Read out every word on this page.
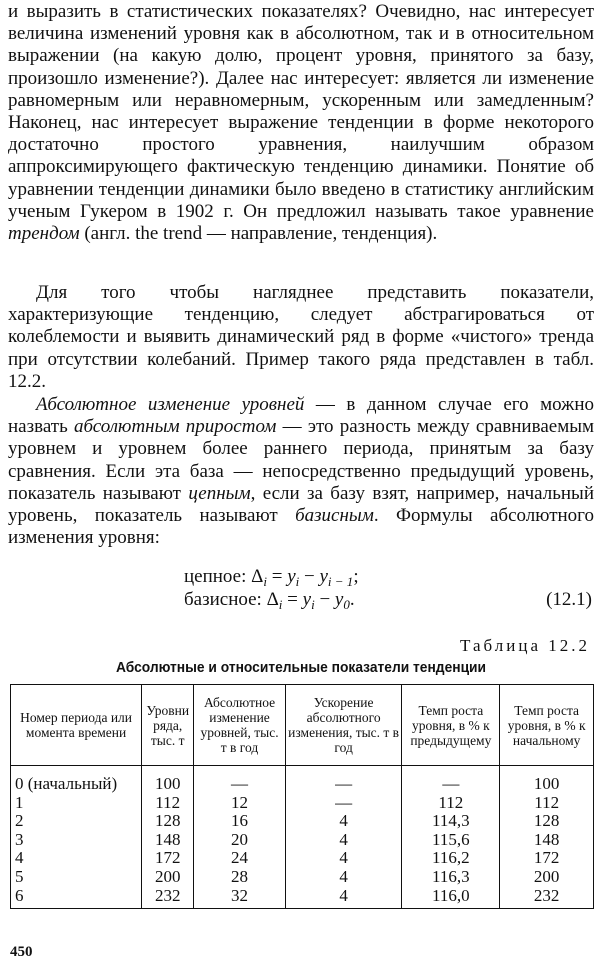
и выразить в статистических показателях? Очевидно, нас интересует величина изменений уровня как в абсолютном, так и в относительном выражении (на какую долю, процент уровня, принятого за базу, произошло изменение?). Далее нас интересует: является ли изменение равномерным или неравномерным, ускоренным или замедленным? Наконец, нас интересует выражение тенденции в форме некоторого достаточно простого уравнения, наилучшим образом аппроксимирующего фактическую тенденцию динамики. Понятие об уравнении тенденции динамики было введено в статистику английским ученым Гукером в 1902 г. Он предложил называть такое уравнение трендом (англ. the trend — направление, тенденция).

Для того чтобы нагляднее представить показатели, характеризующие тенденцию, следует абстрагироваться от колеблемости и выявить динамический ряд в форме «чистого» тренда при отсутствии колебаний. Пример такого ряда представлен в табл. 12.2.

Абсолютное изменение уровней — в данном случае его можно назвать абсолютным приростом — это разность между сравниваемым уровнем и уровнем более раннего периода, принятым за базу сравнения. Если эта база — непосредственно предыдущий уровень, показатель называют цепным, если за базу взят, например, начальный уровень, показатель называют базисным. Формулы абсолютного изменения уровня:

цепное: $\Delta_i = y_i - y_{i - 1}$;
базисное: $\Delta_i = y_i - y_0$.	(12.1)
Таблица 12.2
Абсолютные и относительные показатели тенденции
Номер периода или момента времени	Уровни ряда, тыс. т	Абсолютное изменение уровней, тыс. т в год	Ускорение абсолютного изменения, тыс. т в год	Темп роста уровня, в % к предыдущему	Темп роста уровня, в % к начальному
0 (начальный)	100	—	—	—	100
1	112	12	—	112	112
2	128	16	4	114,3	128
3	148	20	4	115,6	148
4	172	24	4	116,2	172
5	200	28	4	116,3	200
6	232	32	4	116,0	232
450
